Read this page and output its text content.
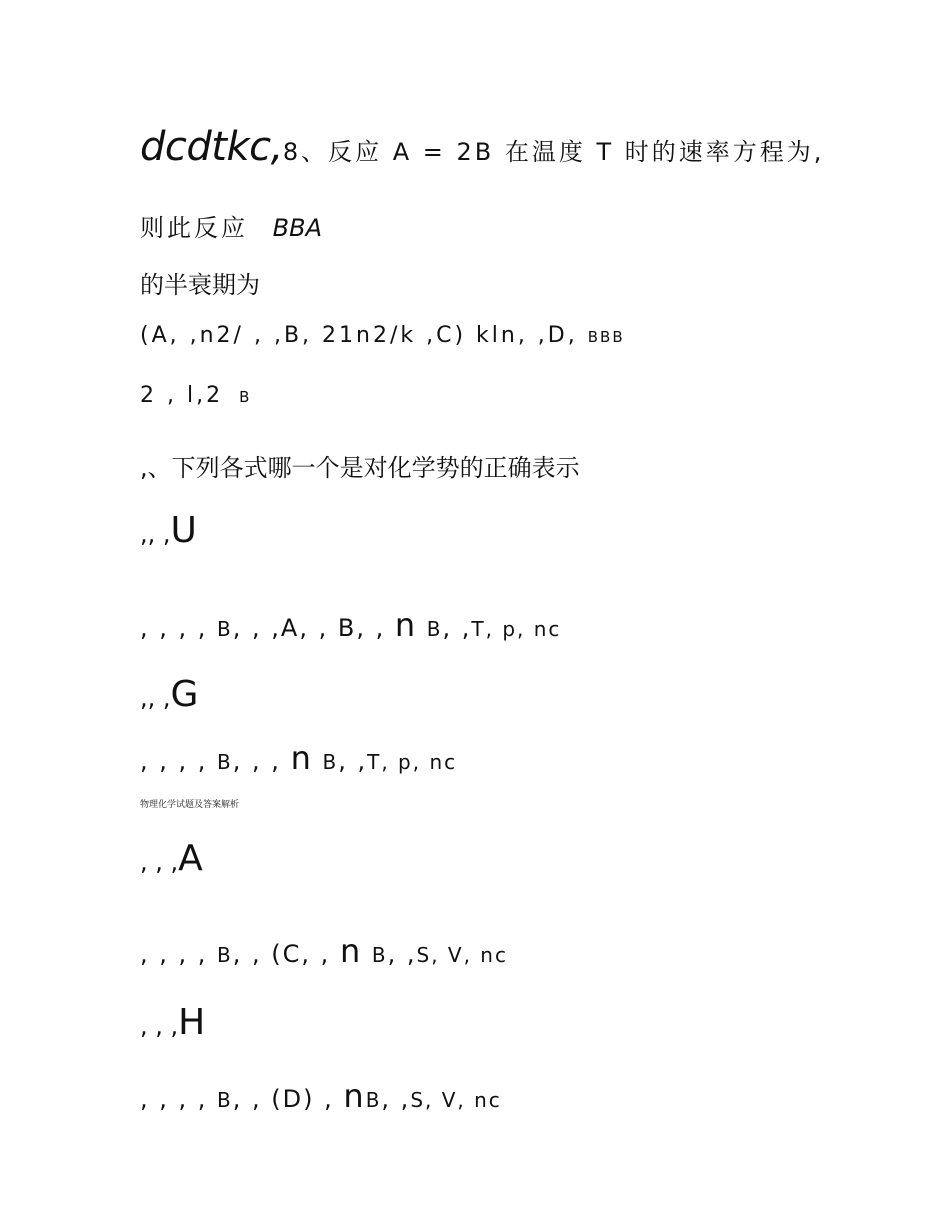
dcdtkc,8、反应 A = 2B 在温度 T 时的速率方程为,
则此反应 BBA
的半衰期为
(A, ,n2/ , ,B, 21n2/k ,C) kln, ,D, BBB
2 , l,2 B
,、下列各式哪一个是对化学势的正确表示
,, ,U
, , , , B, , ,A, , B, , n B, ,T, p, nc
,, ,G
, , , , B, , , n B, ,T, p, nc
物理化学试题及答案解析
, , ,A
, , , , B, , (C, , n B, ,S, V, nc
, , ,H
, , , , B, , (D) , nB, ,S, V, nc
